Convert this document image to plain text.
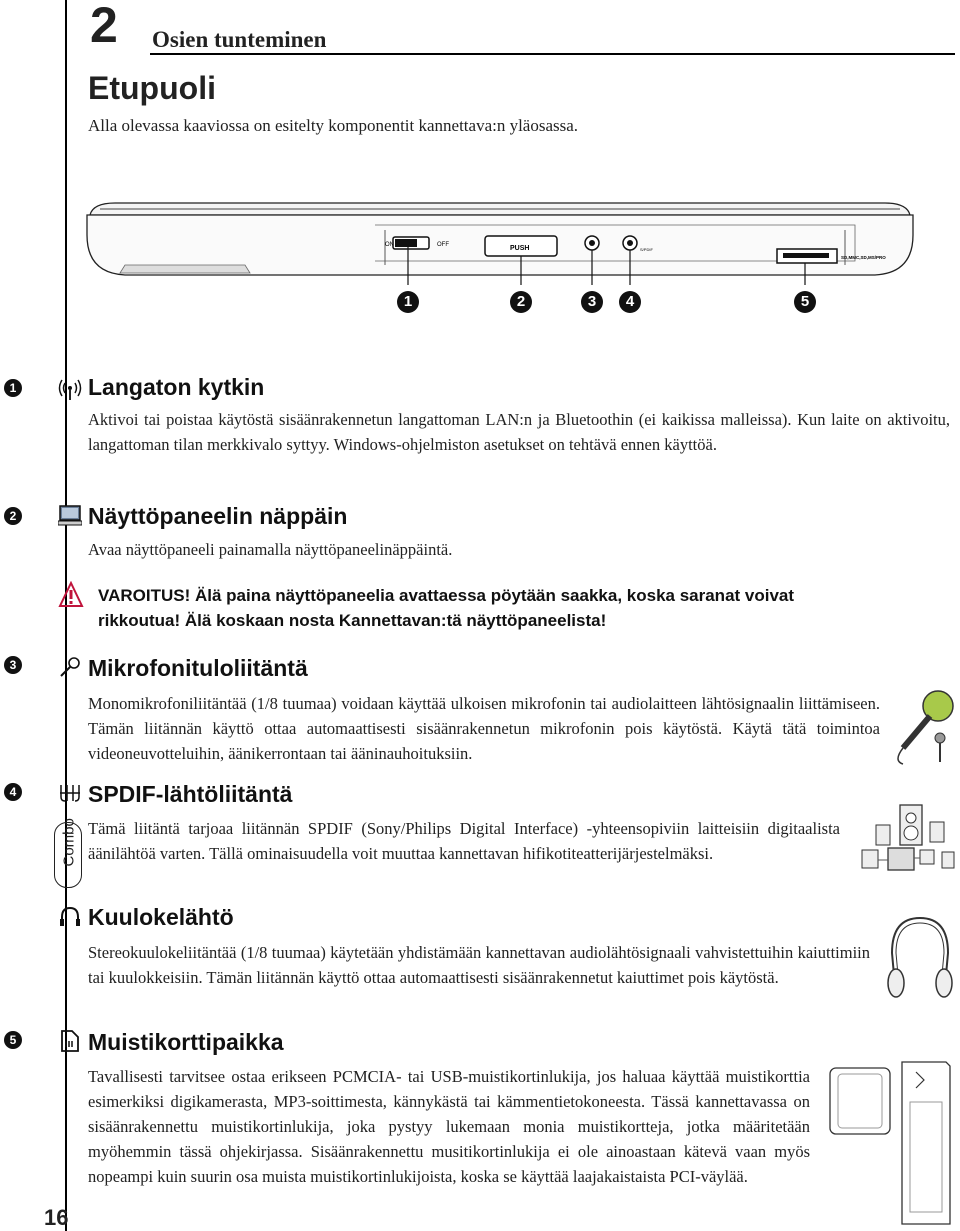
2 Osien tunteminen
Etupuoli
Alla olevassa kaaviossa on esitelty komponentit kannettava:n yläosassa.
ON	OFF	PUSH	S/PDIF
SD,MMC,SD,MS/PRO
1	2	3	4	5
1	Langaton kytkin
Aktivoi tai poistaa käytöstä sisäänrakennetun langattoman LAN:n ja Bluetoothin (ei kaikissa malleissa). Kun laite on aktivoitu, langattoman tilan merkkivalo syttyy. Windows-ohjelmiston asetukset on tehtävä ennen käyttöä.
2	Näyttöpaneelin näppäin
Avaa näyttöpaneeli painamalla näyttöpaneelinäppäintä.
VAROITUS! Älä paina näyttöpaneelia avattaessa pöytään saakka, koska saranat voivat
rikkoutua! Älä koskaan nosta Kannettavan:tä näyttöpaneelista!
3	Mikrofonituloliitäntä
Monomikrofoniliitäntää (1/8 tuumaa) voidaan käyttää ulkoisen mikrofonin tai audiolaitteen lähtösignaalin liittämiseen. Tämän liitännän käyttö ottaa automaattisesti sisäänrakennetun mikrofonin pois käytöstä. Käytä tätä toimintoa videoneuvotteluihin, äänikerrontaan tai ääninauhoituksiin.
4	SPDIF-lähtöliitäntä
Combo Tämä liitäntä tarjoaa liitännän SPDIF (Sony/Philips Digital Interface) -yhteensopiviin laitteisiin digitaalista äänilähtöä varten. Tällä ominaisuudella voit muuttaa kannettavan hifikotiteatterijärjestelmäksi.
Kuulokelähtö
Stereokuulokeliitäntää (1/8 tuumaa) käytetään yhdistämään kannettavan audiolähtösignaali vahvistettuihin kaiuttimiin tai kuulokkeisiin. Tämän liitännän käyttö ottaa automaattisesti sisäänrakennetut kaiuttimet pois käytöstä.
5	Muistikorttipaikka
Tavallisesti tarvitsee ostaa erikseen PCMCIA- tai USB-muistikortinlukija, jos haluaa käyttää muistikorttia esimerkiksi digikamerasta, MP3-soittimesta, kännykästä tai kämmentietokoneesta. Tässä kannettavassa on sisäänrakennettu muistikortinlukija, joka pystyy lukemaan monia muistikortteja, jotka määritetään myöhemmin tässä ohjekirjassa. Sisäänrakennettu musitikortinlukija ei ole ainoastaan kätevä vaan myös nopeampi kuin suurin osa muista muistikortinlukijoista, koska se käyttää laajakaistaista PCI-väylää.
16
